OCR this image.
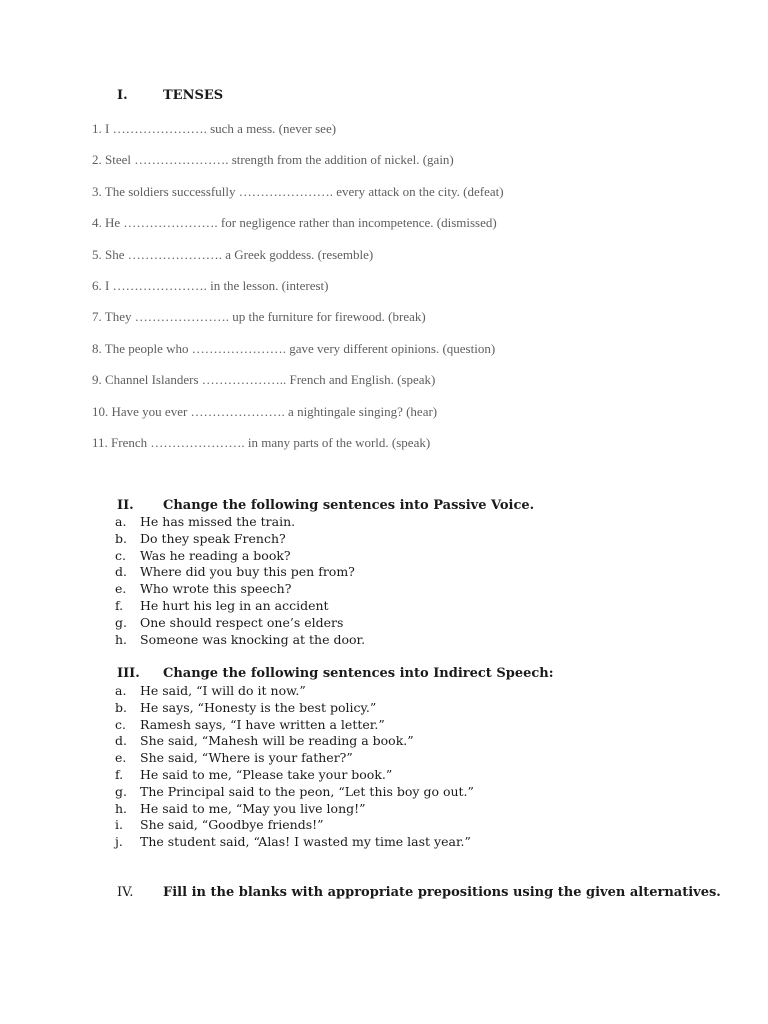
I.	TENSES
1. I …………………. such a mess. (never see)
2. Steel …………………. strength from the addition of nickel. (gain)
3. The soldiers successfully …………………. every attack on the city. (defeat)
4. He …………………. for negligence rather than incompetence. (dismissed)
5. She …………………. a Greek goddess. (resemble)
6. I …………………. in the lesson. (interest)
7. They …………………. up the furniture for firewood. (break)
8. The people who …………………. gave very different opinions. (question)
9. Channel Islanders ……………….. French and English. (speak)
10. Have you ever …………………. a nightingale singing? (hear)
11. French …………………. in many parts of the world. (speak)
II. Change the following sentences into Passive Voice.
a. He has missed the train.
b. Do they speak French?
c. Was he reading a book?
d. Where did you buy this pen from?
e. Who wrote this speech?
f. He hurt his leg in an accident
g. One should respect one’s elders
h. Someone was knocking at the door.
III. Change the following sentences into Indirect Speech:
a. He said, “I will do it now.”
b. He says, “Honesty is the best policy.”
c. Ramesh says, “I have written a letter.”
d. She said, “Mahesh will be reading a book.”
e. She said, “Where is your father?”
f. He said to me, “Please take your book.”
g. The Principal said to the peon, “Let this boy go out.”
h. He said to me, “May you live long!”
i. She said, “Goodbye friends!”
j. The student said, “Alas! I wasted my time last year.”
IV. Fill in the blanks with appropriate prepositions using the given alternatives.
